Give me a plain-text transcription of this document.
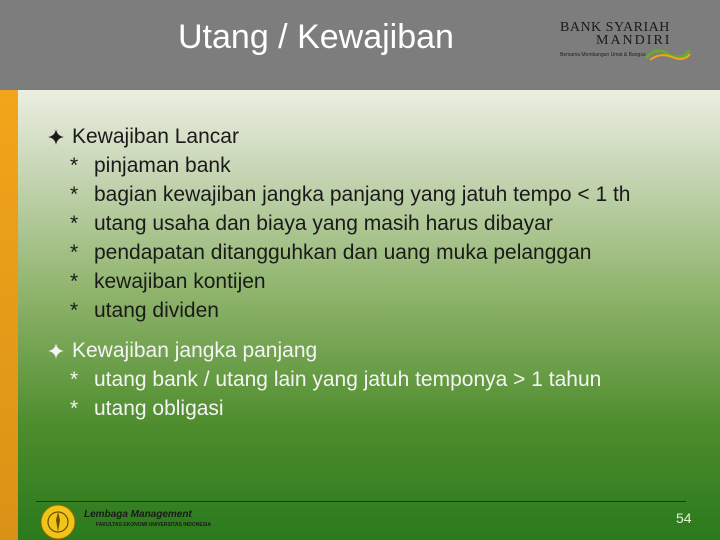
Utang / Kewajiban	BANK SYARIAH
MANDIRI
Bersama Membangun Umat & Bangsa
Kewajiban Lancar
* pinjaman bank
* bagian kewajiban jangka panjang yang jatuh tempo < 1 th
* utang usaha dan biaya yang masih harus dibayar
* pendapatan ditangguhkan dan uang muka pelanggan
* kewajiban kontijen
* utang dividen
Kewajiban jangka panjang
* utang bank / utang lain yang jatuh temponya > 1 tahun
* utang obligasi
Lembaga Management
FAKULTAS EKONOMI UNIVERSITAS INDONESIA	54
